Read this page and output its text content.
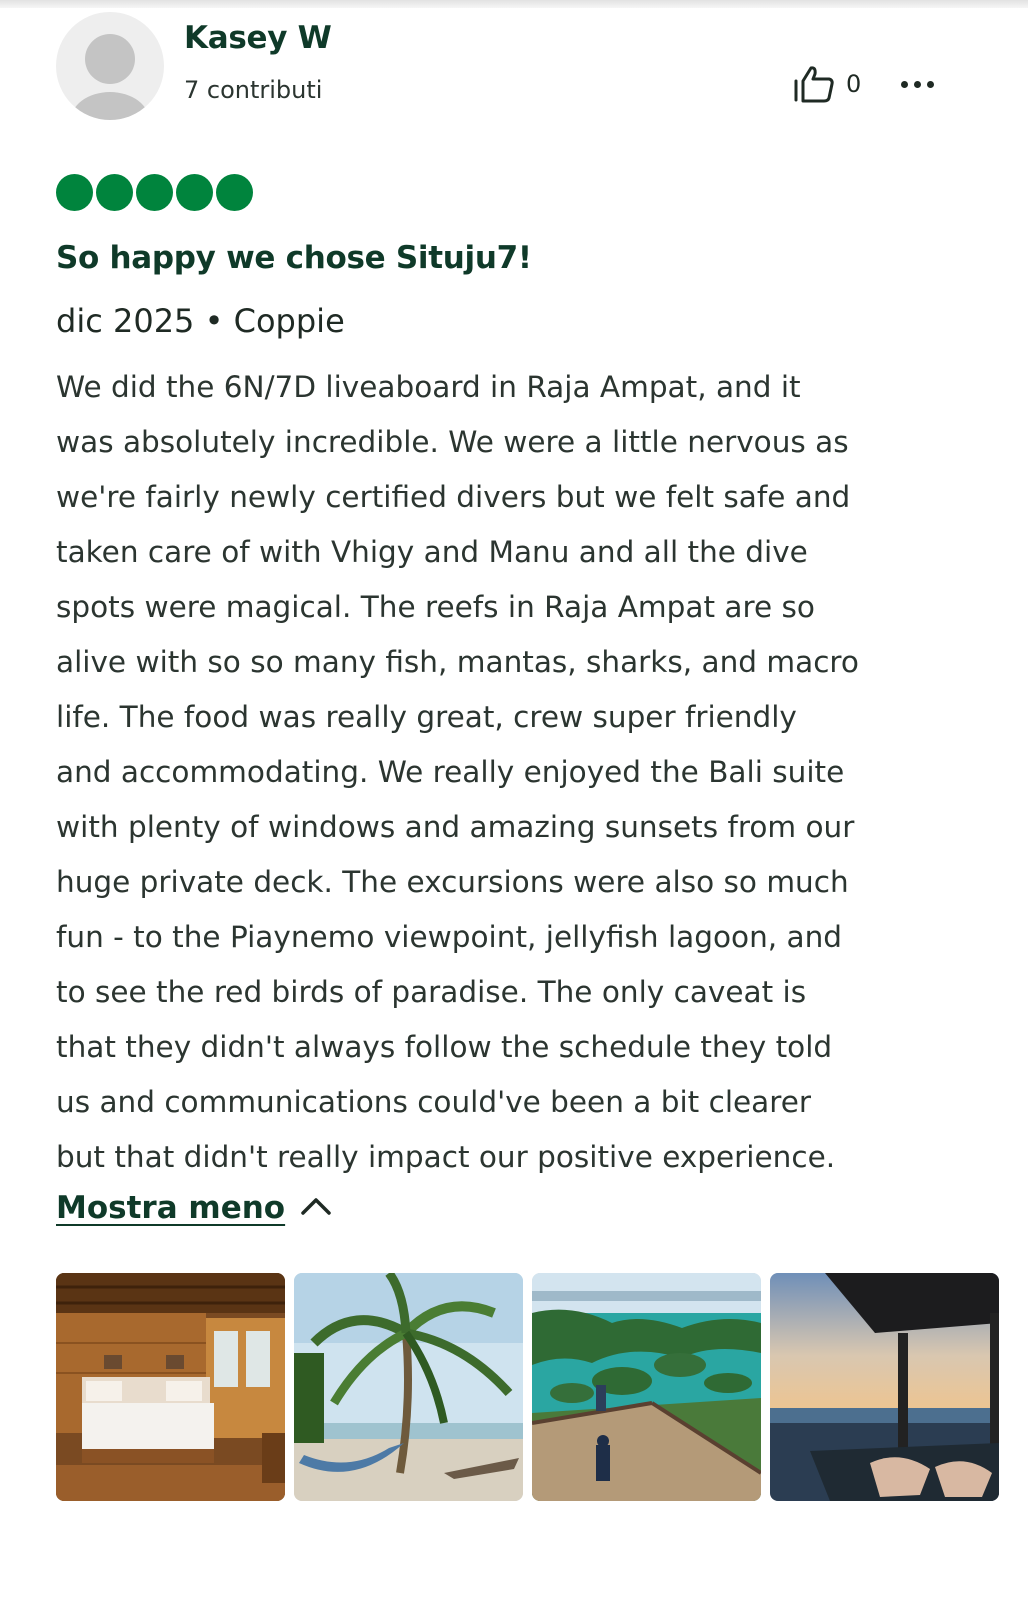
Kasey W
7 contributi	0
So happy we chose Situju7!
dic 2025 • Coppie
We did the 6N/7D liveaboard in Raja Ampat, and it
was absolutely incredible. We were a little nervous as
we're fairly newly certified divers but we felt safe and
taken care of with Vhigy and Manu and all the dive
spots were magical. The reefs in Raja Ampat are so
alive with so so many fish, mantas, sharks, and macro
life. The food was really great, crew super friendly
and accommodating. We really enjoyed the Bali suite
with plenty of windows and amazing sunsets from our
huge private deck. The excursions were also so much
fun - to the Piaynemo viewpoint, jellyfish lagoon, and
to see the red birds of paradise. The only caveat is
that they didn't always follow the schedule they told
us and communications could've been a bit clearer
but that didn't really impact our positive experience.
Mostra meno
